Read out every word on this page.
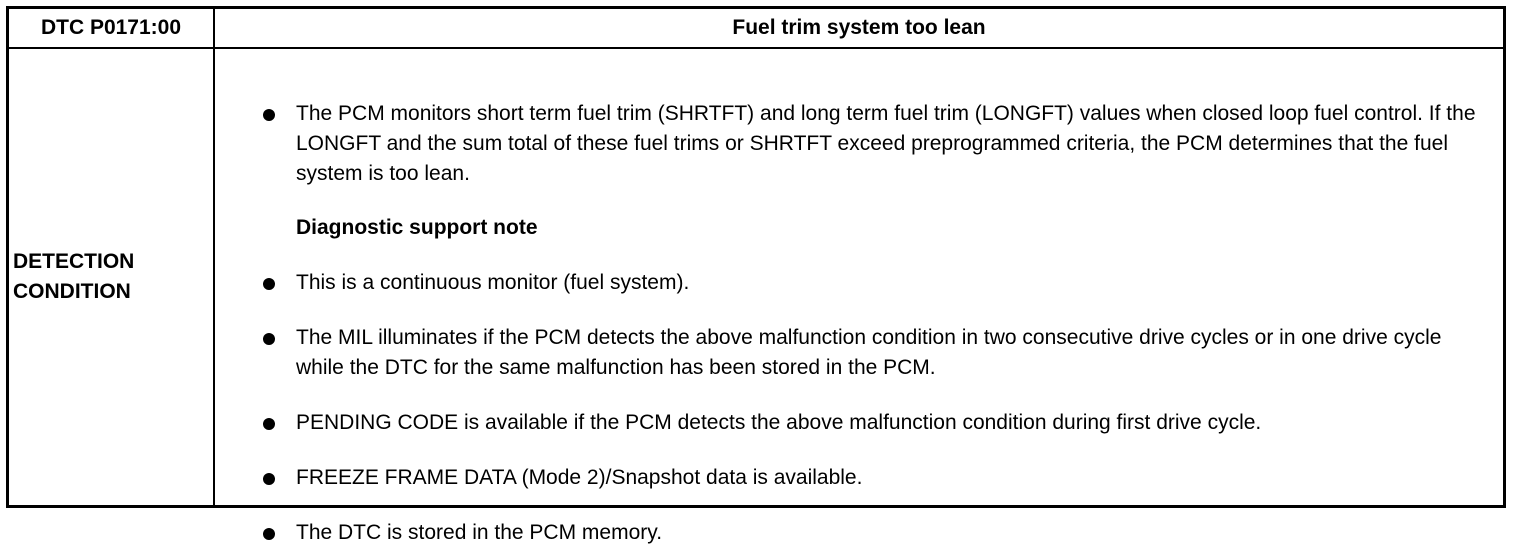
DTC P0171:00	Fuel trim system too lean
DETECTION
CONDITION
The PCM monitors short term fuel trim (SHRTFT) and long term fuel trim (LONGFT) values when closed loop fuel control. If the LONGFT and the sum total of these fuel trims or SHRTFT exceed preprogrammed criteria, the PCM determines that the fuel system is too lean.
Diagnostic support note
This is a continuous monitor (fuel system).
The MIL illuminates if the PCM detects the above malfunction condition in two consecutive drive cycles or in one drive cycle while the DTC for the same malfunction has been stored in the PCM.
PENDING CODE is available if the PCM detects the above malfunction condition during first drive cycle.
FREEZE FRAME DATA (Mode 2)/Snapshot data is available.
The DTC is stored in the PCM memory.
